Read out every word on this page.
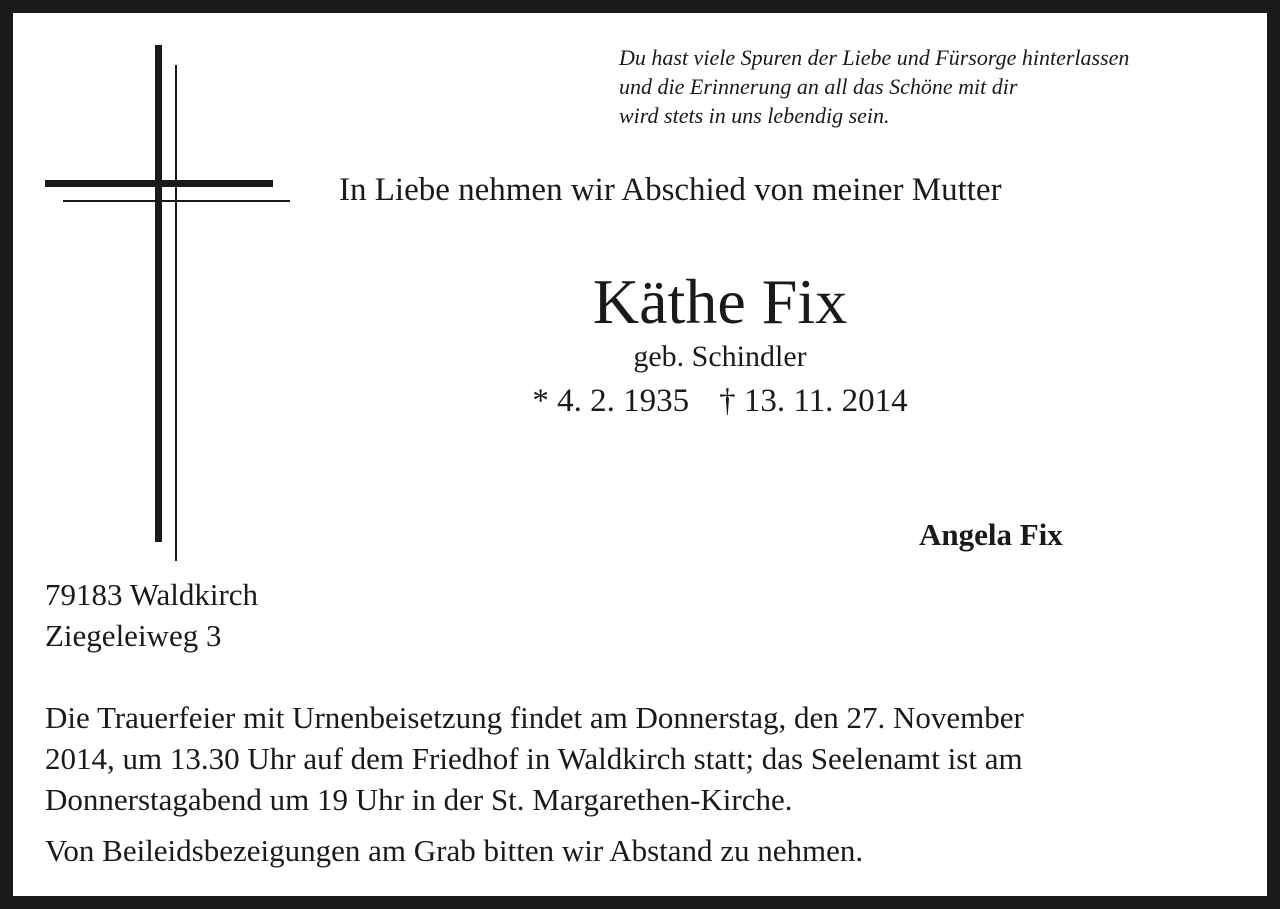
Du hast viele Spuren der Liebe und Fürsorge hinterlassen
und die Erinnerung an all das Schöne mit dir
wird stets in uns lebendig sein.
In Liebe nehmen wir Abschied von meiner Mutter
Käthe Fix
geb. Schindler
* 4. 2. 1935 † 13. 11. 2014
Angela Fix
79183 Waldkirch
Ziegeleiweg 3
Die Trauerfeier mit Urnenbeisetzung findet am Donnerstag, den 27. November
2014, um 13.30 Uhr auf dem Friedhof in Waldkirch statt; das Seelenamt ist am
Donnerstagabend um 19 Uhr in der St. Margarethen-Kirche.
Von Beileidsbezeigungen am Grab bitten wir Abstand zu nehmen.
